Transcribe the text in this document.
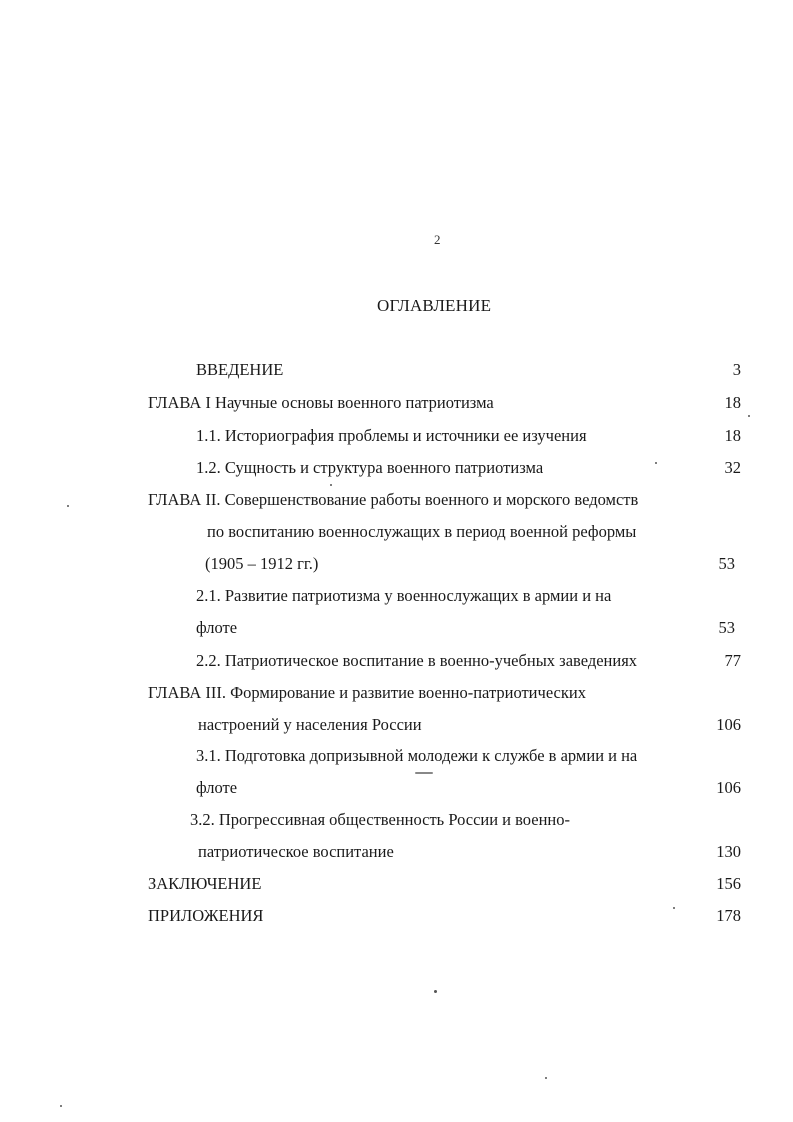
2
ОГЛАВЛЕНИЕ
ВВЕДЕНИЕ	3
ГЛАВА I Научные основы военного патриотизма	18
1.1. Историография проблемы и источники ее изучения	18
1.2. Сущность и структура военного патриотизма	32
ГЛАВА II. Совершенствование работы военного и морского ведомств
по воспитанию военнослужащих в период военной реформы
(1905 – 1912 гг.)	53
2.1. Развитие патриотизма у военнослужащих в армии и на
флоте	53
2.2. Патриотическое воспитание в военно-учебных заведениях	77
ГЛАВА III. Формирование и развитие военно-патриотических
настроений у населения России	106
3.1. Подготовка допризывной молодежи к службе в армии и на
флоте	106
3.2. Прогрессивная общественность России и военно-
патриотическое воспитание	130
ЗАКЛЮЧЕНИЕ	156
ПРИЛОЖЕНИЯ	178
